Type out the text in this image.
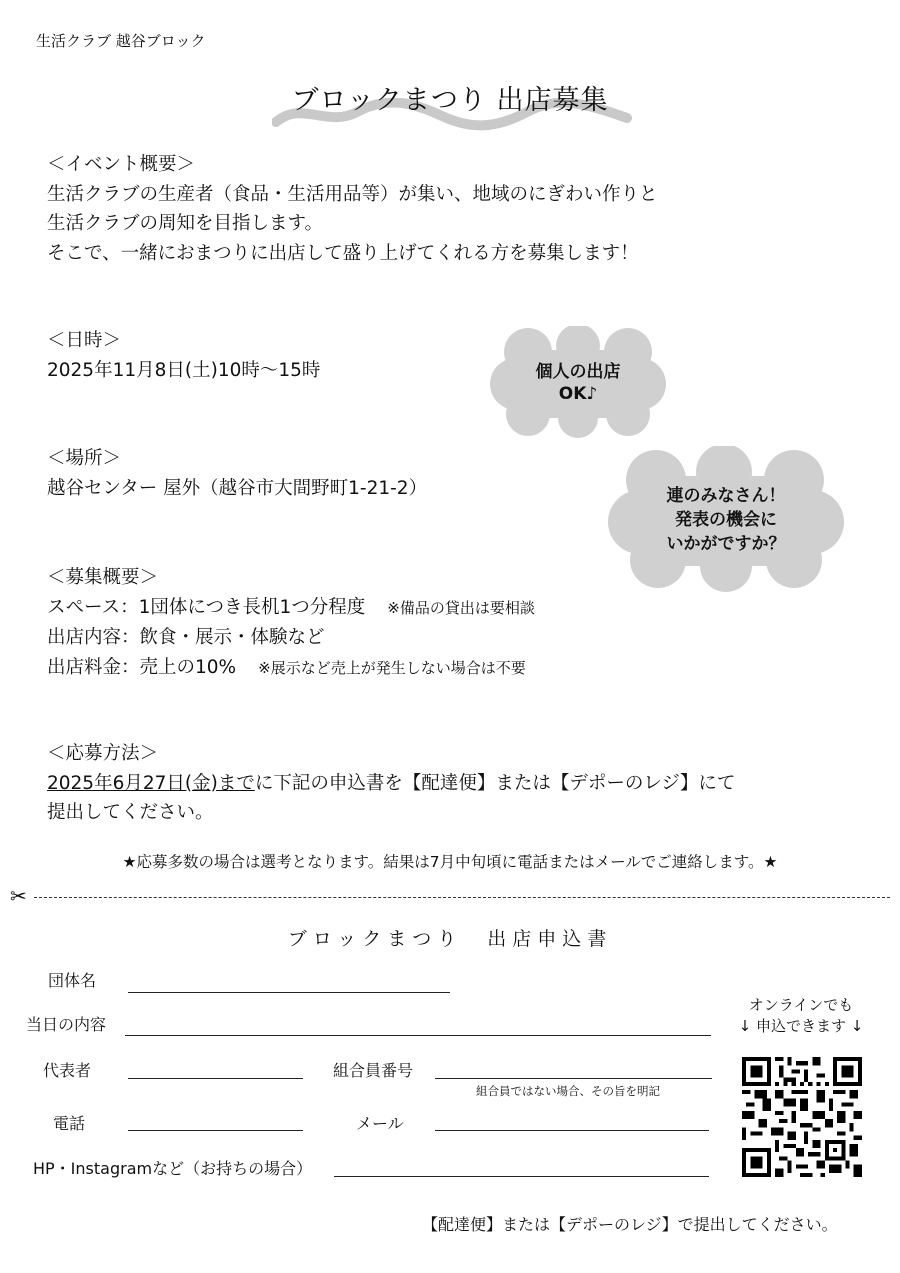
生活クラブ 越谷ブロック
ブロックまつり 出店募集
＜イベント概要＞
生活クラブの生産者（食品・生活用品等）が集い、地域のにぎわい作りと
生活クラブの周知を目指します。
そこで、一緒におまつりに出店して盛り上げてくれる方を募集します！
＜日時＞
2025年11月8日(土)10時～15時
＜場所＞
越谷センター 屋外（越谷市大間野町1-21-2）
＜募集概要＞
スペース：1団体につき長机1つ分程度 ※備品の貸出は要相談
出店内容：飲食・展示・体験など
出店料金：売上の10% ※展示など売上が発生しない場合は不要
＜応募方法＞
2025年6月27日(金)までに下記の申込書を【配達便】または【デポーのレジ】にて
提出してください。
★応募多数の場合は選考となります。結果は7月中旬頃に電話またはメールでご連絡します。★
個人の出店
OK♪
連のみなさん！
発表の機会に
いかがですか？
✂
ブロックまつり　出店申込書
団体名
当日の内容
代表者	組合員番号
組合員ではない場合、その旨を明記
電話	メール
HP・Instagramなど（お持ちの場合）
オンラインでも
↓ 申込できます ↓
【配達便】または【デポーのレジ】で提出してください。
